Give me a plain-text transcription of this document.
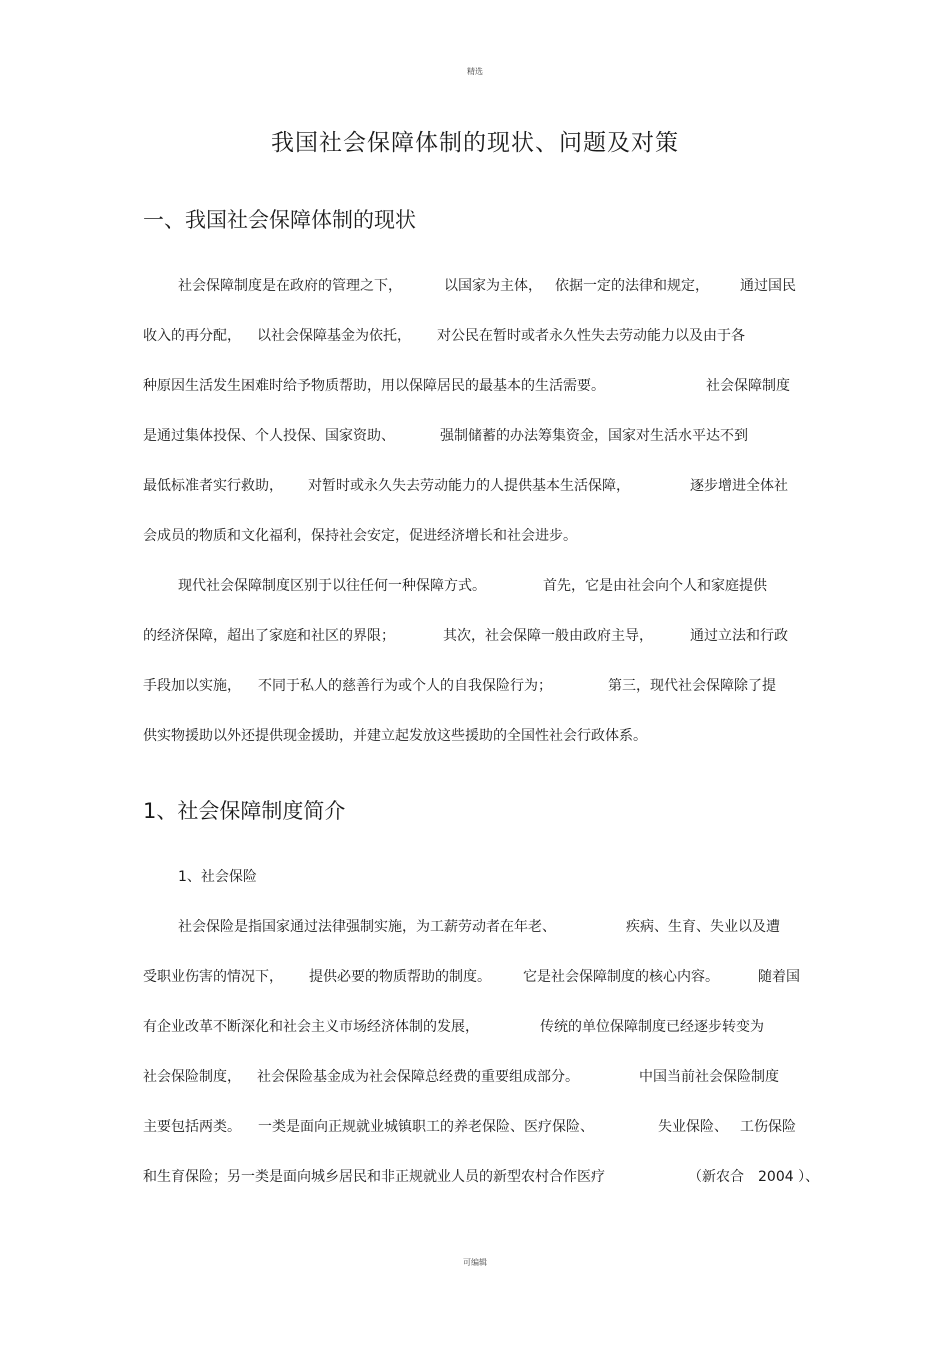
精选
我国社会保障体制的现状、问题及对策
一、我国社会保障体制的现状
社会保障制度是在政府的管理之下，	以国家为主体， 依据一定的法律和规定， 通过国民
收入的再分配， 以社会保障基金为依托， 对公民在暂时或者永久性失去劳动能力以及由于各
种原因生活发生困难时给予物质帮助，用以保障居民的最基本的生活需要。	社会保障制度
是通过集体投保、个人投保、国家资助、	强制储蓄的办法筹集资金，国家对生活水平达不到
最低标准者实行救助， 对暂时或永久失去劳动能力的人提供基本生活保障，	逐步增进全体社
会成员的物质和文化福利，保持社会安定，促进经济增长和社会进步。
现代社会保障制度区别于以往任何一种保障方式。	首先，它是由社会向个人和家庭提供
的经济保障，超出了家庭和社区的界限；	其次，社会保障一般由政府主导，	通过立法和行政
手段加以实施， 不同于私人的慈善行为或个人的自我保险行为；	第三，现代社会保障除了提
供实物援助以外还提供现金援助，并建立起发放这些援助的全国性社会行政体系。
1、社会保障制度简介
1、社会保险
社会保险是指国家通过法律强制实施，为工薪劳动者在年老、	疾病、生育、失业以及遭
受职业伤害的情况下， 提供必要的物质帮助的制度。 它是社会保障制度的核心内容。	随着国
有企业改革不断深化和社会主义市场经济体制的发展，	传统的单位保障制度已经逐步转变为
社会保险制度， 社会保险基金成为社会保障总经费的重要组成部分。	中国当前社会保险制度
主要包括两类。 一类是面向正规就业城镇职工的养老保险、医疗保险、	失业保险、 工伤保险
和生育保险；另一类是面向城乡居民和非正规就业人员的新型农村合作医疗	（新农合　2004 ）、
可编辑
